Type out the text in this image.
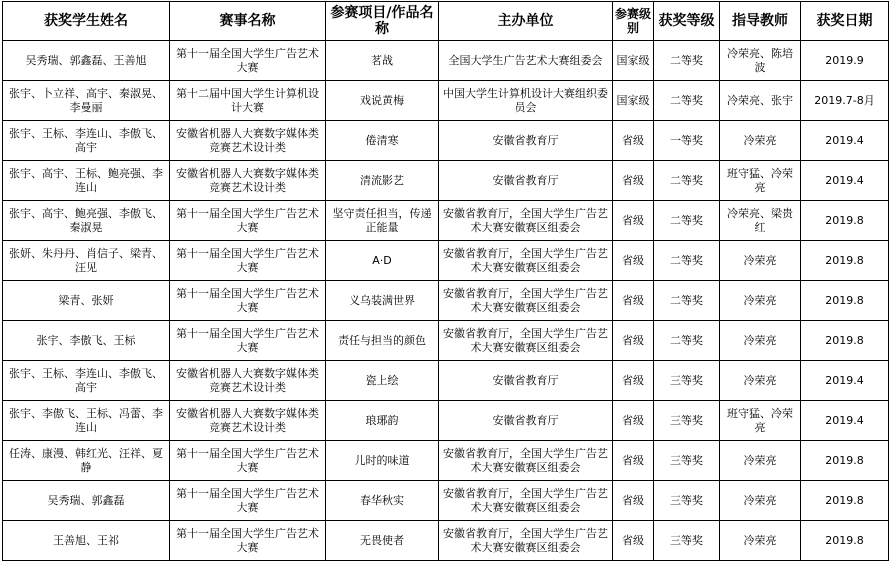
获奖学生姓名	赛事名称	参赛项目/作品名称	主办单位	参赛级别	获奖等级	指导教师	获奖日期
吴秀瑞、郭鑫磊、王善旭	第十一届全国大学生广告艺术大赛	茗战	全国大学生广告艺术大赛组委会	国家级	二等奖	冷荣亮、陈培波	2019.9
张宇、卜立祥、高宇、秦淑晃、李曼丽	第十二届中国大学生计算机设计大赛	戏说黄梅	中国大学生计算机设计大赛组织委员会	国家级	二等奖	冷荣亮、张宇	2019.7-8月
张宇、王标、李连山、李傲飞、高宇	安徽省机器人大赛数字媒体类竞赛艺术设计类	倦清寒	安徽省教育厅	省级	一等奖	冷荣亮	2019.4
张宇、高宇、王标、鲍亮强、李连山	安徽省机器人大赛数字媒体类竞赛艺术设计类	清流影艺	安徽省教育厅	省级	二等奖	班守猛、冷荣亮	2019.4
张宇、高宇、鲍亮强、李傲飞、秦淑晃	第十一届全国大学生广告艺术大赛	坚守责任担当，传递正能量	安徽省教育厅，全国大学生广告艺术大赛安徽赛区组委会	省级	二等奖	冷荣亮、梁贵红	2019.8
张妍、朱丹丹、肖信子、梁青、汪见	第十一届全国大学生广告艺术大赛	A·D	安徽省教育厅，全国大学生广告艺术大赛安徽赛区组委会	省级	二等奖	冷荣亮	2019.8
梁青、张妍	第十一届全国大学生广告艺术大赛	义乌装满世界	安徽省教育厅，全国大学生广告艺术大赛安徽赛区组委会	省级	二等奖	冷荣亮	2019.8
张宇、李傲飞、王标	第十一届全国大学生广告艺术大赛	责任与担当的颜色	安徽省教育厅，全国大学生广告艺术大赛安徽赛区组委会	省级	二等奖	冷荣亮	2019.8
张宇、王标、李连山、李傲飞、高宇	安徽省机器人大赛数字媒体类竞赛艺术设计类	瓷上绘	安徽省教育厅	省级	三等奖	冷荣亮	2019.4
张宇、李傲飞、王标、冯蕾、李连山	安徽省机器人大赛数字媒体类竞赛艺术设计类	琅琊韵	安徽省教育厅	省级	三等奖	班守猛、冷荣亮	2019.4
任涛、康漫、韩红光、汪祥、夏静	第十一届全国大学生广告艺术大赛	儿时的味道	安徽省教育厅，全国大学生广告艺术大赛安徽赛区组委会	省级	三等奖	冷荣亮	2019.8
吴秀瑞、郭鑫磊	第十一届全国大学生广告艺术大赛	春华秋实	安徽省教育厅，全国大学生广告艺术大赛安徽赛区组委会	省级	三等奖	冷荣亮	2019.8
王善旭、王祁	第十一届全国大学生广告艺术大赛	无畏使者	安徽省教育厅，全国大学生广告艺术大赛安徽赛区组委会	省级	三等奖	冷荣亮	2019.8
